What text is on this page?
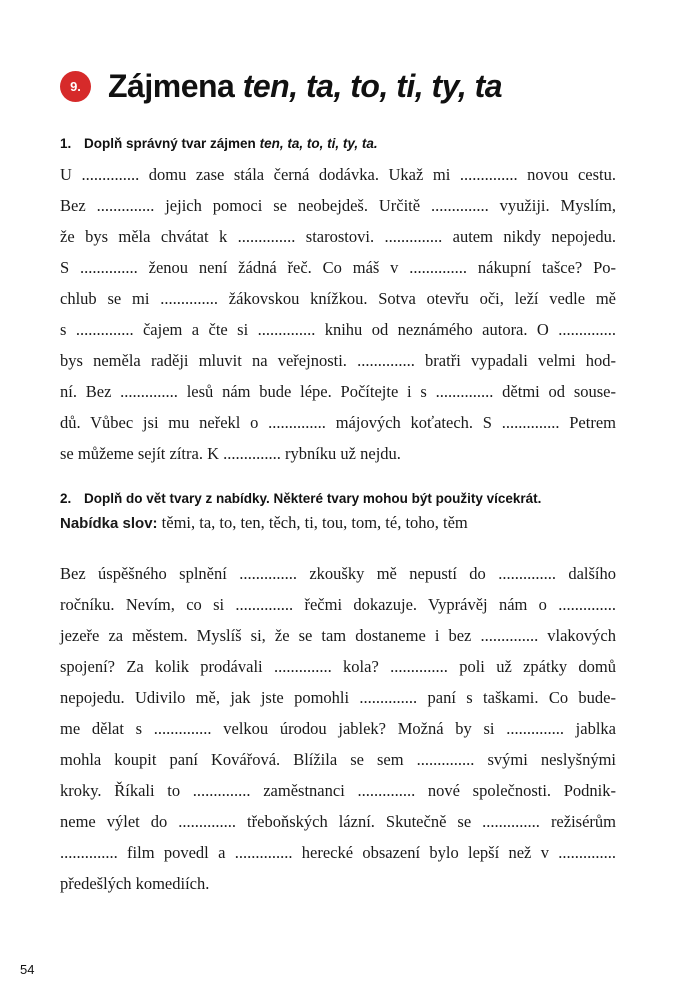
9. Zájmena ten, ta, to, ti, ty, ta
1. Doplň správný tvar zájmen ten, ta, to, ti, ty, ta.
U .............. domu zase stála černá dodávka. Ukaž mi .............. novou cestu.
Bez .............. jejich pomoci se neobejdeš. Určitě .............. využiji. Myslím,
že bys měla chvátat k .............. starostovi. .............. autem nikdy nepojedu.
S .............. ženou není žádná řeč. Co máš v .............. nákupní tašce? Po-
chlub se mi .............. žákovskou knížkou. Sotva otevřu oči, leží vedle mě
s .............. čajem a čte si .............. knihu od neznámého autora. O ..............
bys neměla raději mluvit na veřejnosti. .............. bratři vypadali velmi hod-
ní. Bez .............. lesů nám bude lépe. Počítejte i s .............. dětmi od souse-
dů. Vůbec jsi mu neřekl o .............. májových koťatech. S .............. Petrem
se můžeme sejít zítra. K .............. rybníku už nejdu.
2. Doplň do vět tvary z nabídky. Některé tvary mohou být použity vícekrát.
Nabídka slov: těmi, ta, to, ten, těch, ti, tou, tom, té, toho, těm
Bez úspěšného splnění .............. zkoušky mě nepustí do .............. dalšího
ročníku. Nevím, co si .............. řečmi dokazuje. Vyprávěj nám o ..............
jezeře za městem. Myslíš si, že se tam dostaneme i bez .............. vlakových
spojení? Za kolik prodávali .............. kola? .............. poli už zpátky domů
nepojedu. Udivilo mě, jak jste pomohli .............. paní s taškami. Co bude-
me dělat s .............. velkou úrodou jablek? Možná by si .............. jablka
mohla koupit paní Kovářová. Blížila se sem .............. svými neslyšnými
kroky. Říkali to .............. zaměstnanci .............. nové společnosti. Podnik-
neme výlet do .............. třeboňských lázní. Skutečně se .............. režisérům
.............. film povedl a .............. herecké obsazení bylo lepší než v ..............
předešlých komediích.
54
